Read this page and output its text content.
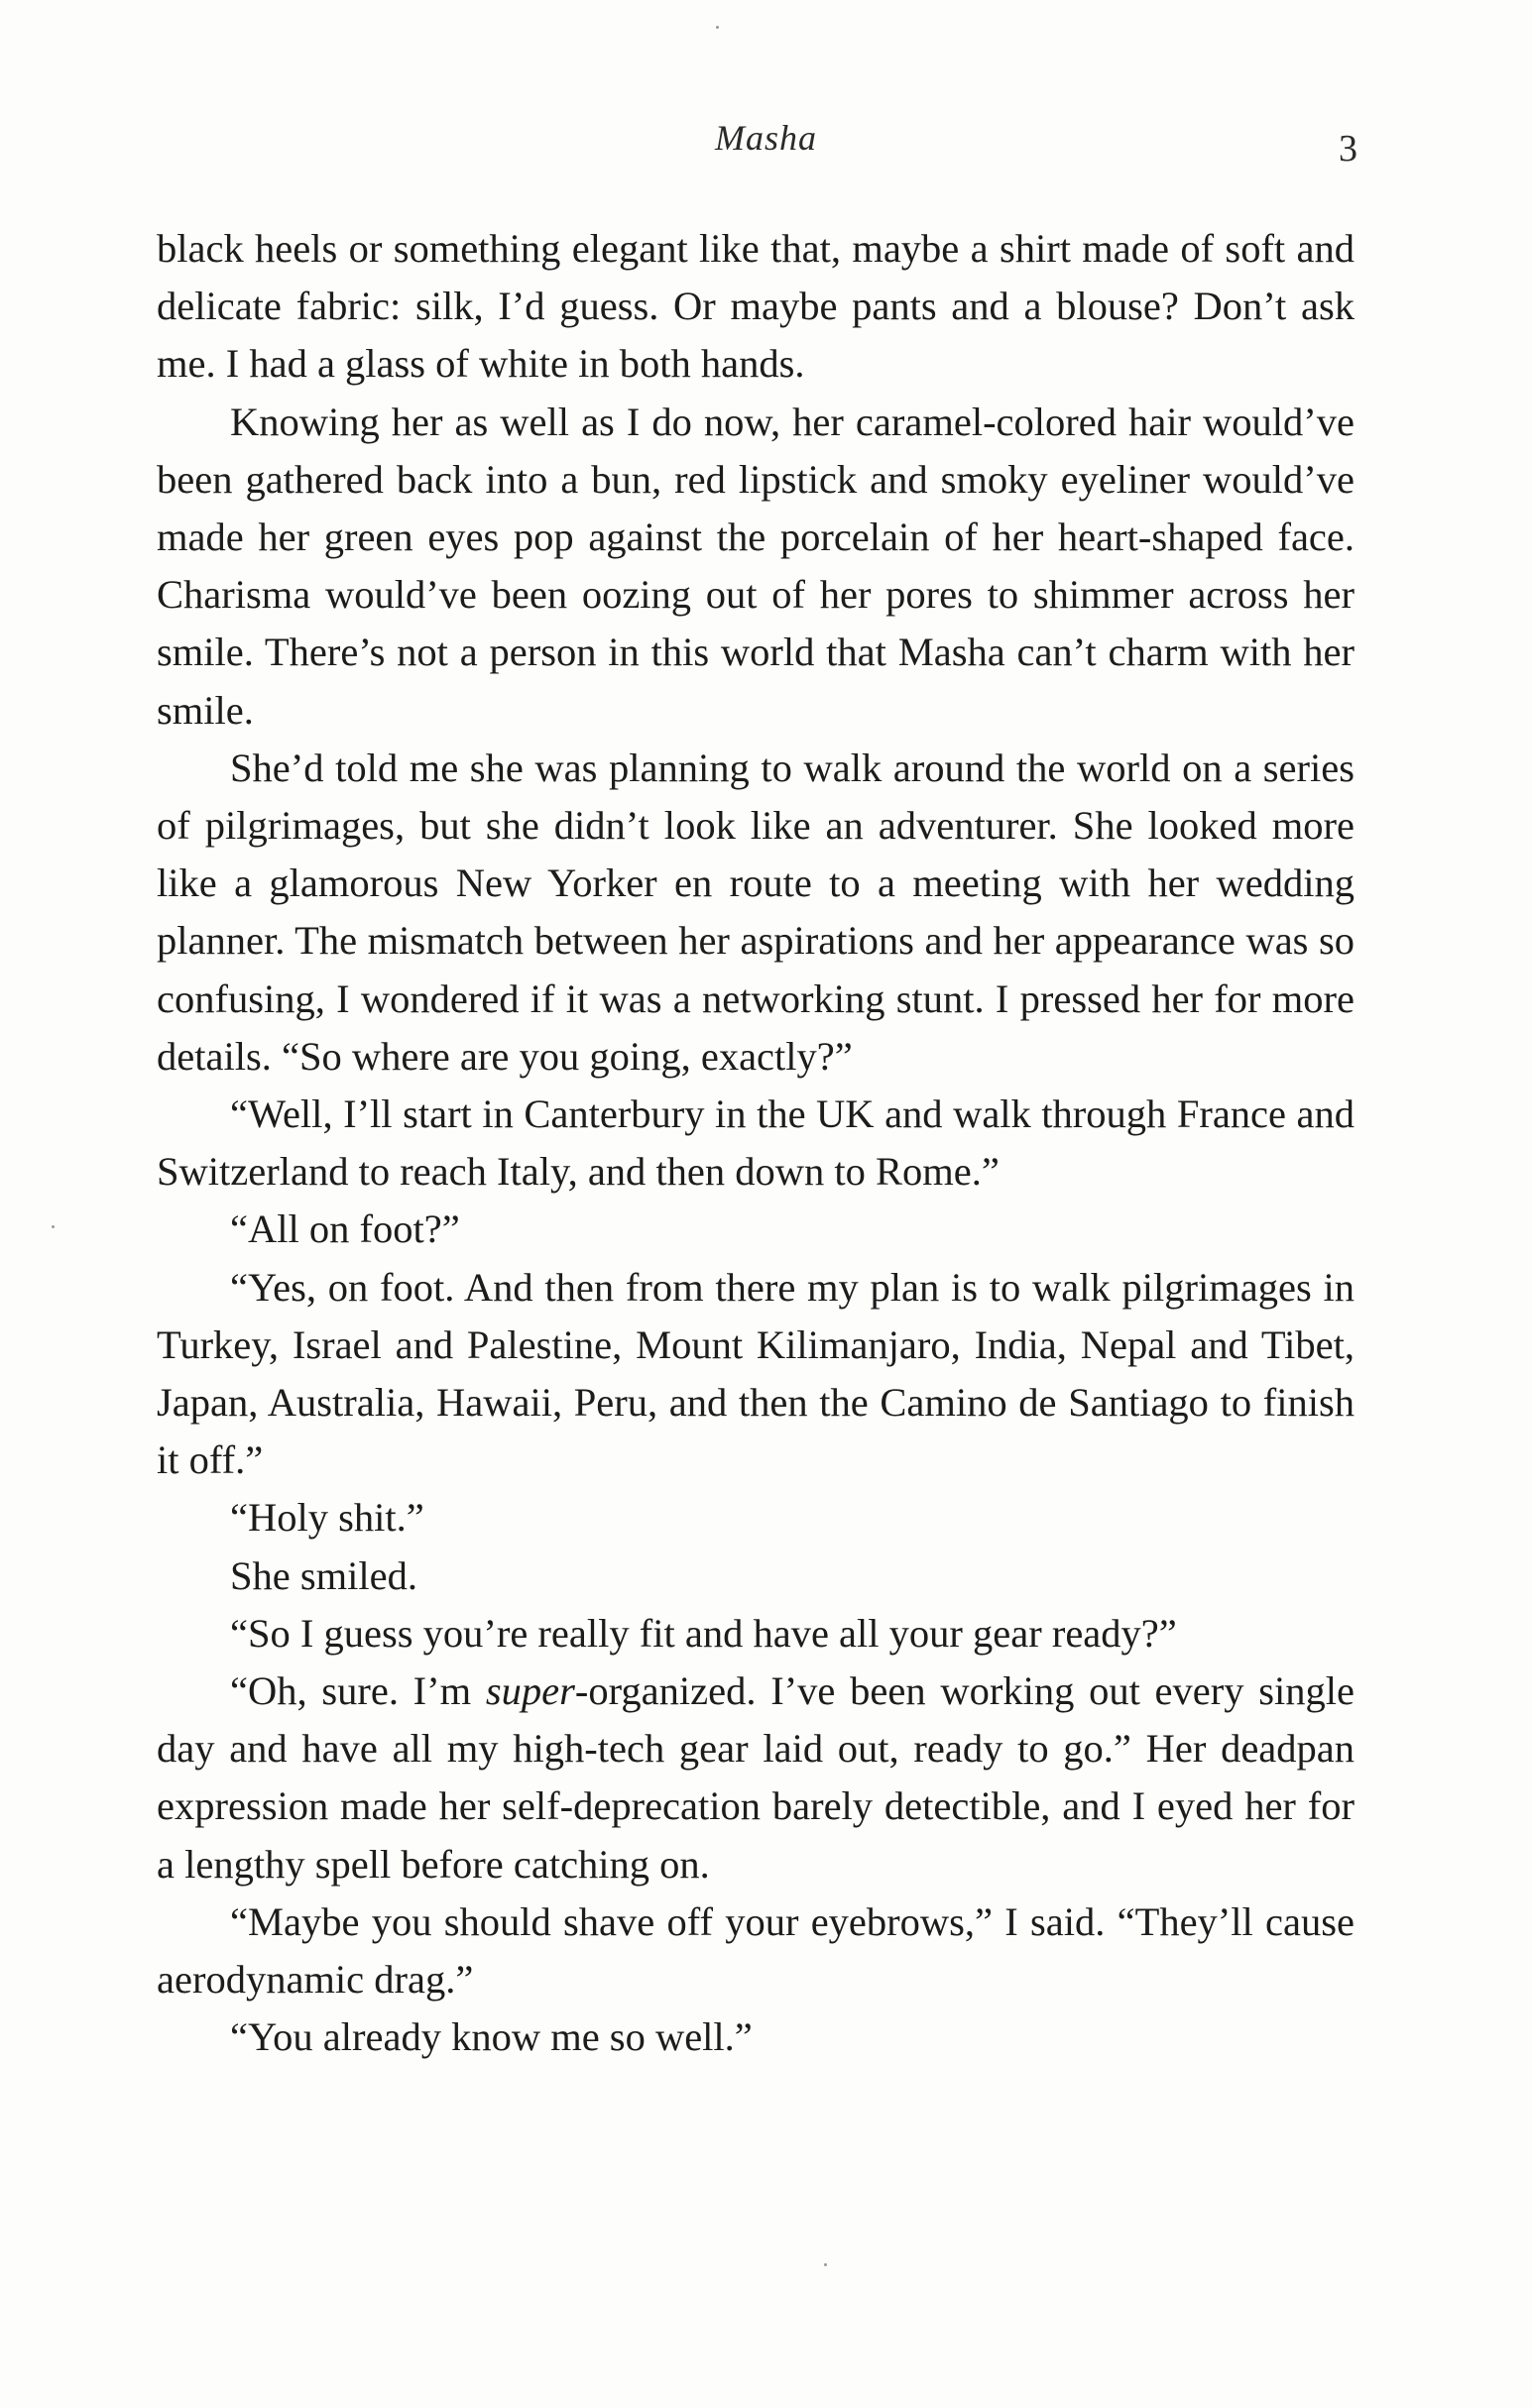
Masha	3

black heels or something elegant like that, maybe a shirt made of soft and delicate fabric: silk, I’d guess. Or maybe pants and a blouse? Don’t ask me. I had a glass of white in both hands.

Knowing her as well as I do now, her caramel-colored hair would’ve been gathered back into a bun, red lipstick and smoky eyeliner would’ve made her green eyes pop against the porcelain of her heart-shaped face. Charisma would’ve been oozing out of her pores to shimmer across her smile. There’s not a person in this world that Masha can’t charm with her smile.

She’d told me she was planning to walk around the world on a series of pilgrimages, but she didn’t look like an adventurer. She looked more like a glamorous New Yorker en route to a meeting with her wedding planner. The mismatch between her aspirations and her appearance was so confusing, I wondered if it was a networking stunt. I pressed her for more details. “So where are you going, exactly?”

“Well, I’ll start in Canterbury in the UK and walk through France and Switzerland to reach Italy, and then down to Rome.”

“All on foot?”

“Yes, on foot. And then from there my plan is to walk pilgrimages in Turkey, Israel and Palestine, Mount Kilimanjaro, India, Nepal and Tibet, Japan, Australia, Hawaii, Peru, and then the Camino de Santiago to finish it off.”

“Holy shit.”

She smiled.

“So I guess you’re really fit and have all your gear ready?”

“Oh, sure. I’m super-organized. I’ve been working out every single day and have all my high-tech gear laid out, ready to go.” Her deadpan expression made her self-deprecation barely detectible, and I eyed her for a lengthy spell before catching on.

“Maybe you should shave off your eyebrows,” I said. “They’ll cause aerodynamic drag.”

“You already know me so well.”
